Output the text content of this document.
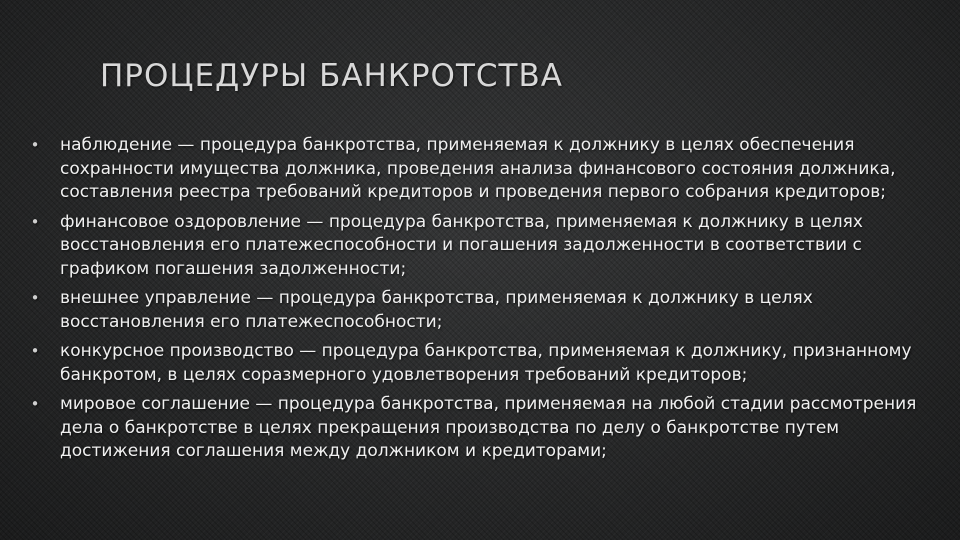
ПРОЦЕДУРЫ БАНКРОТСТВА
• наблюдение — процедура банкротства, применяемая к должнику в целях обеспечения сохранности имущества должника, проведения анализа финансового состояния должника, составления реестра требований кредиторов и проведения первого собрания кредиторов;
• финансовое оздоровление — процедура банкротства, применяемая к должнику в целях восстановления его платежеспособности и погашения задолженности в соответствии с графиком погашения задолженности;
• внешнее управление — процедура банкротства, применяемая к должнику в целях восстановления его платежеспособности;
• конкурсное производство — процедура банкротства, применяемая к должнику, признанному банкротом, в целях соразмерного удовлетворения требований кредиторов;
• мировое соглашение — процедура банкротства, применяемая на любой стадии рассмотрения дела о банкротстве в целях прекращения производства по делу о банкротстве путем достижения соглашения между должником и кредиторами;
